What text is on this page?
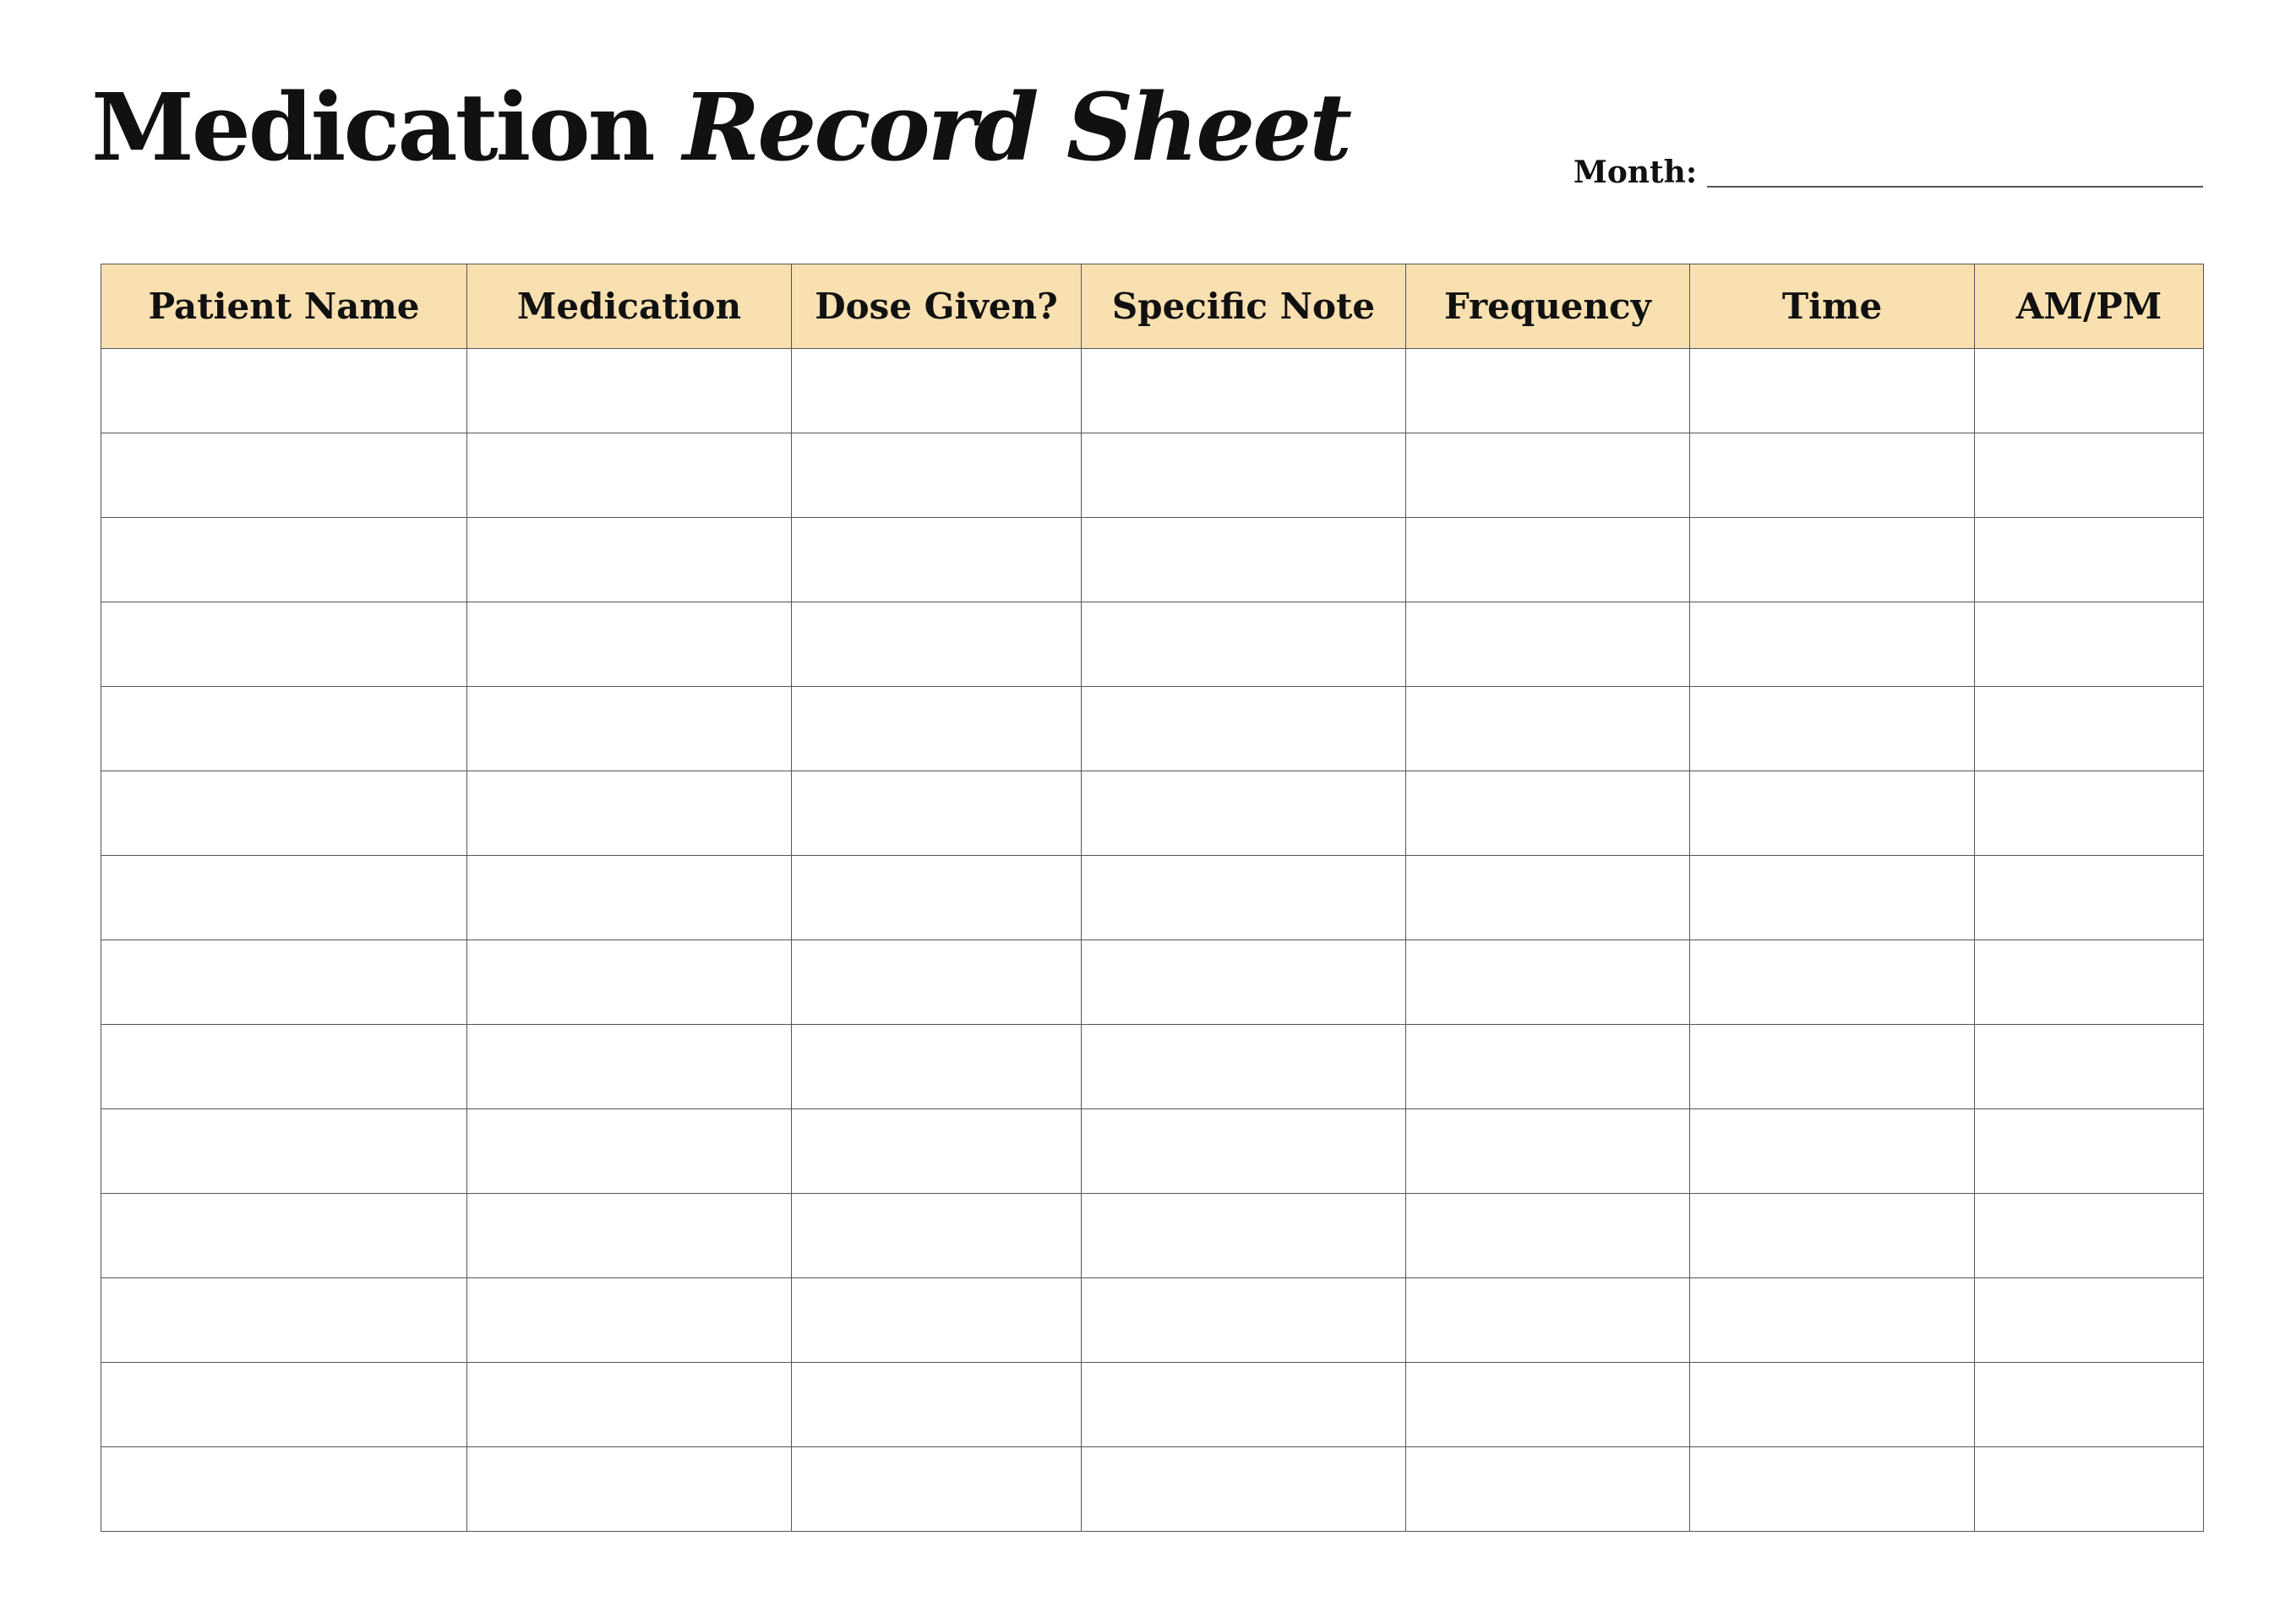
Medication Record Sheet	Month:
Patient Name	Medication	Dose Given?	Specific Note	Frequency	Time	AM/PM
